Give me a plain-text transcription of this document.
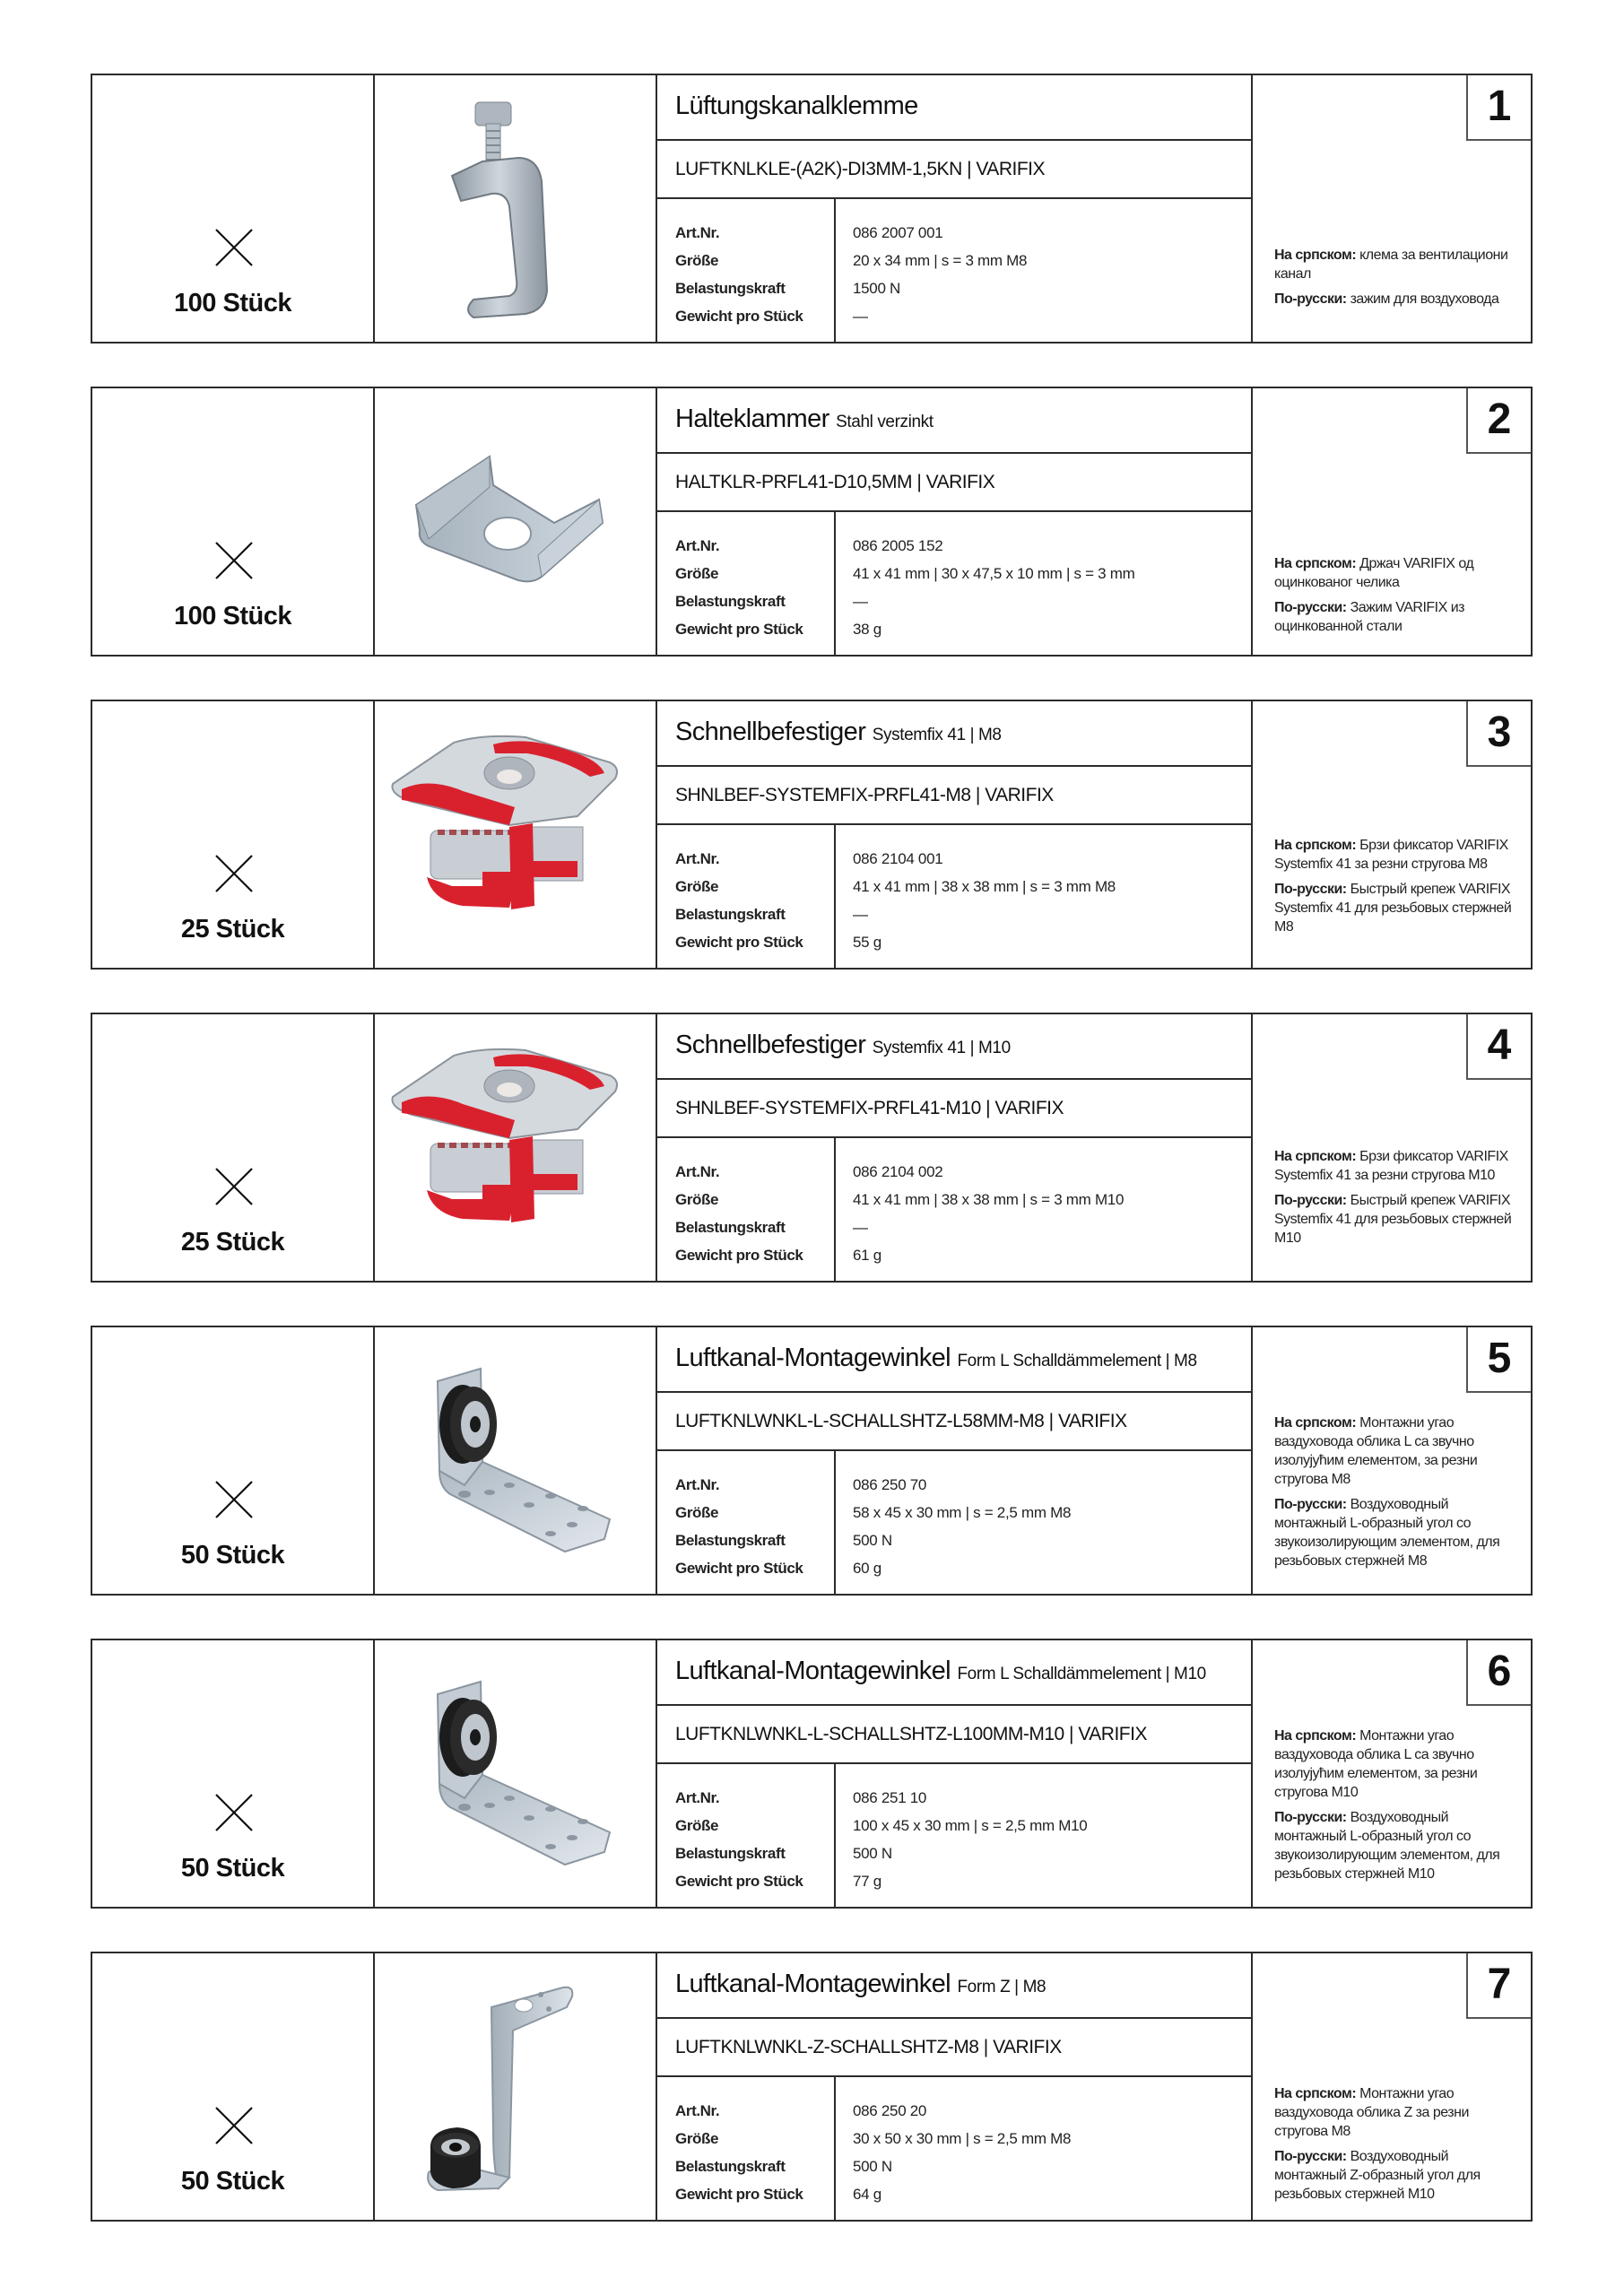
100 Stück
Lüftungskanalklemme
LUFTKNLKLE-(A2K)-DI3MM-1,5KN | VARIFIX
Art.Nr.	086 2007 001
Größe	20 x 34 mm | s = 3 mm M8
Belastungskraft	1500 N
Gewicht pro Stück	—
1

На српском: клема за вентилациони канал

По-русски: зажим для воздуховода

100 Stück
Halteklammer Stahl verzinkt
HALTKLR-PRFL41-D10,5MM | VARIFIX
Art.Nr.	086 2005 152
Größe	41 x 41 mm | 30 x 47,5 x 10 mm | s = 3 mm
Belastungskraft	—
Gewicht pro Stück	38 g
2

На српском: Држач VARIFIX од оцинкованог челика

По-русски: Зажим VARIFIX из оцинкованной стали

25 Stück
Schnellbefestiger Systemfix 41 | M8
SHNLBEF-SYSTEMFIX-PRFL41-M8 | VARIFIX
Art.Nr.	086 2104 001
Größe	41 x 41 mm | 38 x 38 mm | s = 3 mm M8
Belastungskraft	—
Gewicht pro Stück	55 g
3

На српском: Брзи фиксатор VARIFIX Systemfix 41 за резни стругова М8

По-русски: Быстрый крепеж VARIFIX Systemfix 41 для резьбовых стержней М8

25 Stück
Schnellbefestiger Systemfix 41 | M10
SHNLBEF-SYSTEMFIX-PRFL41-M10 | VARIFIX
Art.Nr.	086 2104 002
Größe	41 x 41 mm | 38 x 38 mm | s = 3 mm M10
Belastungskraft	—
Gewicht pro Stück	61 g
4

На српском: Брзи фиксатор VARIFIX Systemfix 41 за резни стругова М10

По-русски: Быстрый крепеж VARIFIX Systemfix 41 для резьбовых стержней М10

50 Stück
Luftkanal-Montagewinkel Form L Schalldämmelement | M8
LUFTKNLWNKL-L-SCHALLSHTZ-L58MM-M8 | VARIFIX
Art.Nr.	086 250 70
Größe	58 x 45 x 30 mm | s = 2,5 mm M8
Belastungskraft	500 N
Gewicht pro Stück	60 g
5

На српском: Монтажни угао ваздуховода облика L са звучно изолујућим елементом, за резни стругова М8

По-русски: Воздуховодный монтажный L-образный угол со звукоизолирующим элементом, для резьбовых стержней М8

50 Stück
Luftkanal-Montagewinkel Form L Schalldämmelement | M10
LUFTKNLWNKL-L-SCHALLSHTZ-L100MM-M10 | VARIFIX
Art.Nr.	086 251 10
Größe	100 x 45 x 30 mm | s = 2,5 mm M10
Belastungskraft	500 N
Gewicht pro Stück	77 g
6

На српском: Монтажни угао ваздуховода облика L са звучно изолујућим елементом, за резни стругова М10

По-русски: Воздуховодный монтажный L-образный угол со звукоизолирующим элементом, для резьбовых стержней М10

50 Stück
Luftkanal-Montagewinkel Form Z | M8
LUFTKNLWNKL-Z-SCHALLSHTZ-M8 | VARIFIX
Art.Nr.	086 250 20
Größe	30 x 50 x 30 mm | s = 2,5 mm M8
Belastungskraft	500 N
Gewicht pro Stück	64 g
7

На српском: Монтажни угао ваздуховода облика Z за резни стругова М8

По-русски: Воздуховодный монтажный Z-образный угол для резьбовых стержней М10
